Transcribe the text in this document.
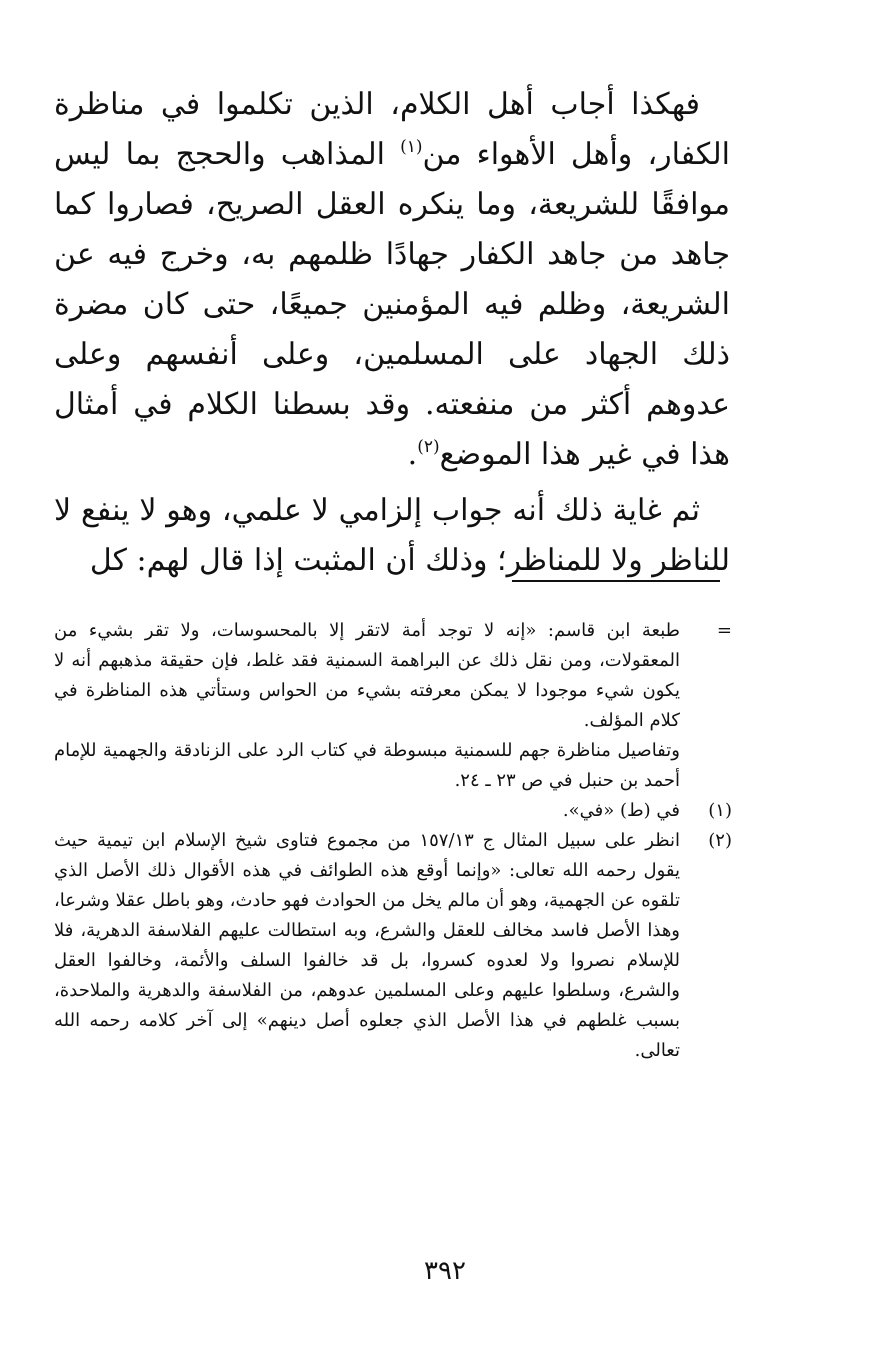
فهكذا أجاب أهل الكلام، الذين تكلموا في مناظرة الكفار، وأهل الأهواء من$^{(١)}$ المذاهب والحجج بما ليس موافقًا للشريعة، وما ينكره العقل الصريح، فصاروا كما جاهد من جاهد الكفار جهادًا ظلمهم به، وخرج فيه عن الشريعة، وظلم فيه المؤمنين جميعًا، حتى كان مضرة ذلك الجهاد على المسلمين، وعلى أنفسهم وعلى عدوهم أكثر من منفعته. وقد بسطنا الكلام في أمثال هذا في غير هذا الموضع$^{(٢)}$.

ثم غاية ذلك أنه جواب إلزامي لا علمي، وهو لا ينفع لا للناظر ولا للمناظر؛ وذلك أن المثبت إذا قال لهم: كل

=
طبعة ابن قاسم: «إنه لا توجد أمة لاتقر إلا بالمحسوسات، ولا تقر بشيء من المعقولات، ومن نقل ذلك عن البراهمة السمنية فقد غلط، فإن حقيقة مذهبهم أنه لا يكون شيء موجودا لا يمكن معرفته بشيء من الحواس وستأتي هذه المناظرة في كلام المؤلف.
وتفاصيل مناظرة جهم للسمنية مبسوطة في كتاب الرد على الزنادقة والجهمية للإمام أحمد بن حنبل في ص ٢٣ ـ ٢٤.
(١)
في (ط) «في».
(٢)
انظر على سبيل المثال ج ١٥٧/١٣ من مجموع فتاوى شيخ الإسلام ابن تيمية حيث يقول رحمه الله تعالى: «وإنما أوقع هذه الطوائف في هذه الأقوال ذلك الأصل الذي تلقوه عن الجهمية، وهو أن مالم يخل من الحوادث فهو حادث، وهو باطل عقلا وشرعا، وهذا الأصل فاسد مخالف للعقل والشرع، وبه استطالت عليهم الفلاسفة الدهرية، فلا للإسلام نصروا ولا لعدوه كسروا، بل قد خالفوا السلف والأئمة، وخالفوا العقل والشرع، وسلطوا عليهم وعلى المسلمين عدوهم، من الفلاسفة والدهرية والملاحدة، بسبب غلطهم في هذا الأصل الذي جعلوه أصل دينهم» إلى آخر كلامه رحمه الله تعالى.
٣٩٢
